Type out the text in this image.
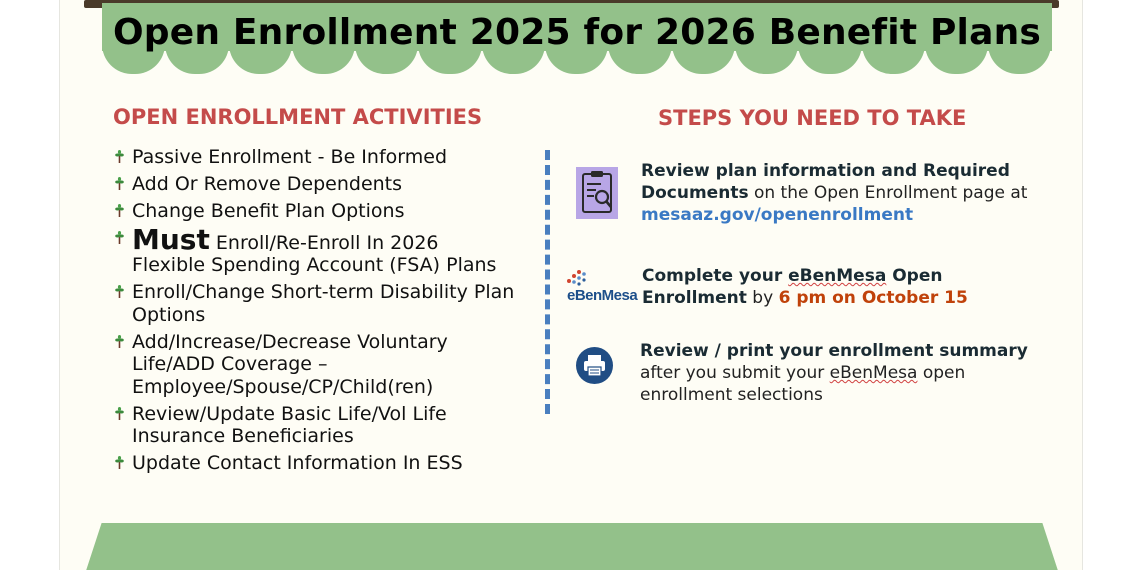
Open Enrollment 2025 for 2026 Benefit Plans
OPEN ENROLLMENT ACTIVITIES
Passive Enrollment - Be Informed
Add Or Remove Dependents
Change Benefit Plan Options
Must Enroll/Re-Enroll In 2026 Flexible Spending Account (FSA) Plans
Enroll/Change Short-term Disability Plan Options
Add/Increase/Decrease Voluntary Life/ADD Coverage – Employee/Spouse/CP/Child(ren)
Review/Update Basic Life/Vol Life Insurance Beneficiaries
Update Contact Information In ESS
STEPS YOU NEED TO TAKE
Review plan information and Required Documents on the Open Enrollment page at mesaaz.gov/openenrollment
eBenMesa
Complete your eBenMesa Open Enrollment by 6 pm on October 15
Review / print your enrollment summary after you submit your eBenMesa open enrollment selections
